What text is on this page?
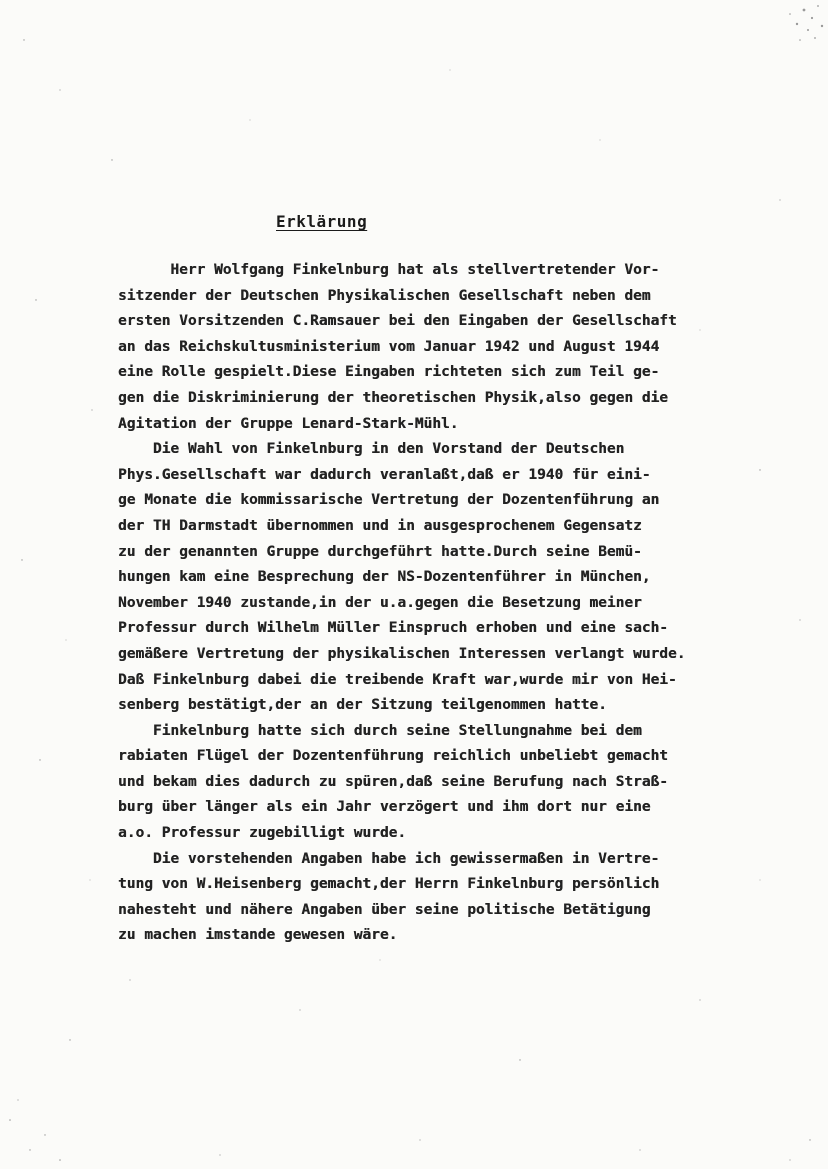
Erklärung
Herr Wolfgang Finkelnburg hat als stellvertretender Vor-
sitzender der Deutschen Physikalischen Gesellschaft neben dem
ersten Vorsitzenden C.Ramsauer bei den Eingaben der Gesellschaft
an das Reichskultusministerium vom Januar 1942 und August 1944
eine Rolle gespielt.Diese Eingaben richteten sich zum Teil ge-
gen die Diskriminierung der theoretischen Physik,also gegen die
Agitation der Gruppe Lenard-Stark-Mühl.
Die Wahl von Finkelnburg in den Vorstand der Deutschen
Phys.Gesellschaft war dadurch veranlaßt,daß er 1940 für eini-
ge Monate die kommissarische Vertretung der Dozentenführung an
der TH Darmstadt übernommen und in ausgesprochenem Gegensatz
zu der genannten Gruppe durchgeführt hatte.Durch seine Bemü-
hungen kam eine Besprechung der NS-Dozentenführer in München,
November 1940 zustande,in der u.a.gegen die Besetzung meiner
Professur durch Wilhelm Müller Einspruch erhoben und eine sach-
gemäßere Vertretung der physikalischen Interessen verlangt wurde.
Daß Finkelnburg dabei die treibende Kraft war,wurde mir von Hei-
senberg bestätigt,der an der Sitzung teilgenommen hatte.
Finkelnburg hatte sich durch seine Stellungnahme bei dem
rabiaten Flügel der Dozentenführung reichlich unbeliebt gemacht
und bekam dies dadurch zu spüren,daß seine Berufung nach Straß-
burg über länger als ein Jahr verzögert und ihm dort nur eine
a.o. Professur zugebilligt wurde.
Die vorstehenden Angaben habe ich gewissermaßen in Vertre-
tung von W.Heisenberg gemacht,der Herrn Finkelnburg persönlich
nahesteht und nähere Angaben über seine politische Betätigung
zu machen imstande gewesen wäre.
